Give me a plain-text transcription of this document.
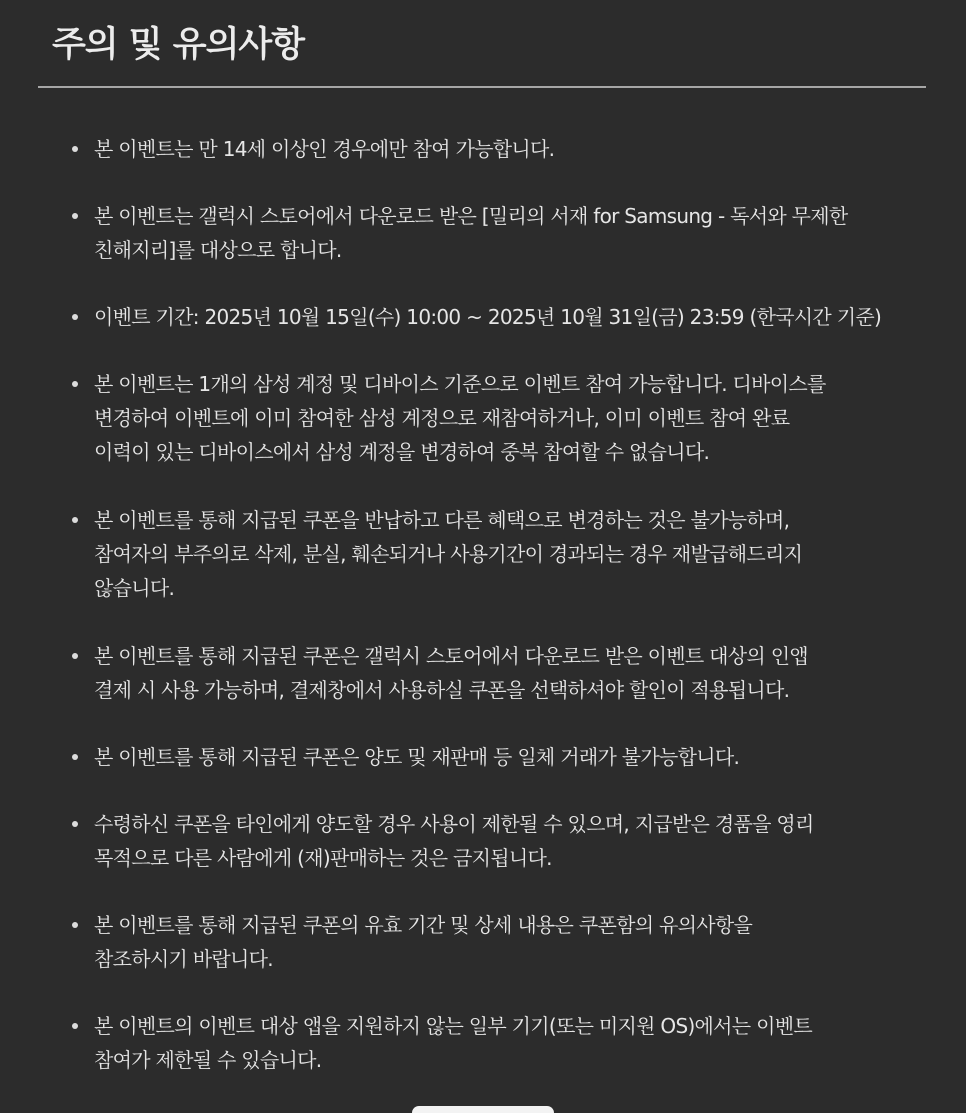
주의 및 유의사항
본 이벤트는 만 14세 이상인 경우에만 참여 가능합니다.
본 이벤트는 갤럭시 스토어에서 다운로드 받은 [밀리의 서재 for Samsung - 독서와 무제한
친해지리]를 대상으로 합니다.
이벤트 기간: 2025년 10월 15일(수) 10:00 ~ 2025년 10월 31일(금) 23:59 (한국시간 기준)
본 이벤트는 1개의 삼성 계정 및 디바이스 기준으로 이벤트 참여 가능합니다. 디바이스를
변경하여 이벤트에 이미 참여한 삼성 계정으로 재참여하거나, 이미 이벤트 참여 완료
이력이 있는 디바이스에서 삼성 계정을 변경하여 중복 참여할 수 없습니다.
본 이벤트를 통해 지급된 쿠폰을 반납하고 다른 혜택으로 변경하는 것은 불가능하며,
참여자의 부주의로 삭제, 분실, 훼손되거나 사용기간이 경과되는 경우 재발급해드리지
않습니다.
본 이벤트를 통해 지급된 쿠폰은 갤럭시 스토어에서 다운로드 받은 이벤트 대상의 인앱
결제 시 사용 가능하며, 결제창에서 사용하실 쿠폰을 선택하셔야 할인이 적용됩니다.
본 이벤트를 통해 지급된 쿠폰은 양도 및 재판매 등 일체 거래가 불가능합니다.
수령하신 쿠폰을 타인에게 양도할 경우 사용이 제한될 수 있으며, 지급받은 경품을 영리
목적으로 다른 사람에게 (재)판매하는 것은 금지됩니다.
본 이벤트를 통해 지급된 쿠폰의 유효 기간 및 상세 내용은 쿠폰함의 유의사항을
참조하시기 바랍니다.
본 이벤트의 이벤트 대상 앱을 지원하지 않는 일부 기기(또는 미지원 OS)에서는 이벤트
참여가 제한될 수 있습니다.
